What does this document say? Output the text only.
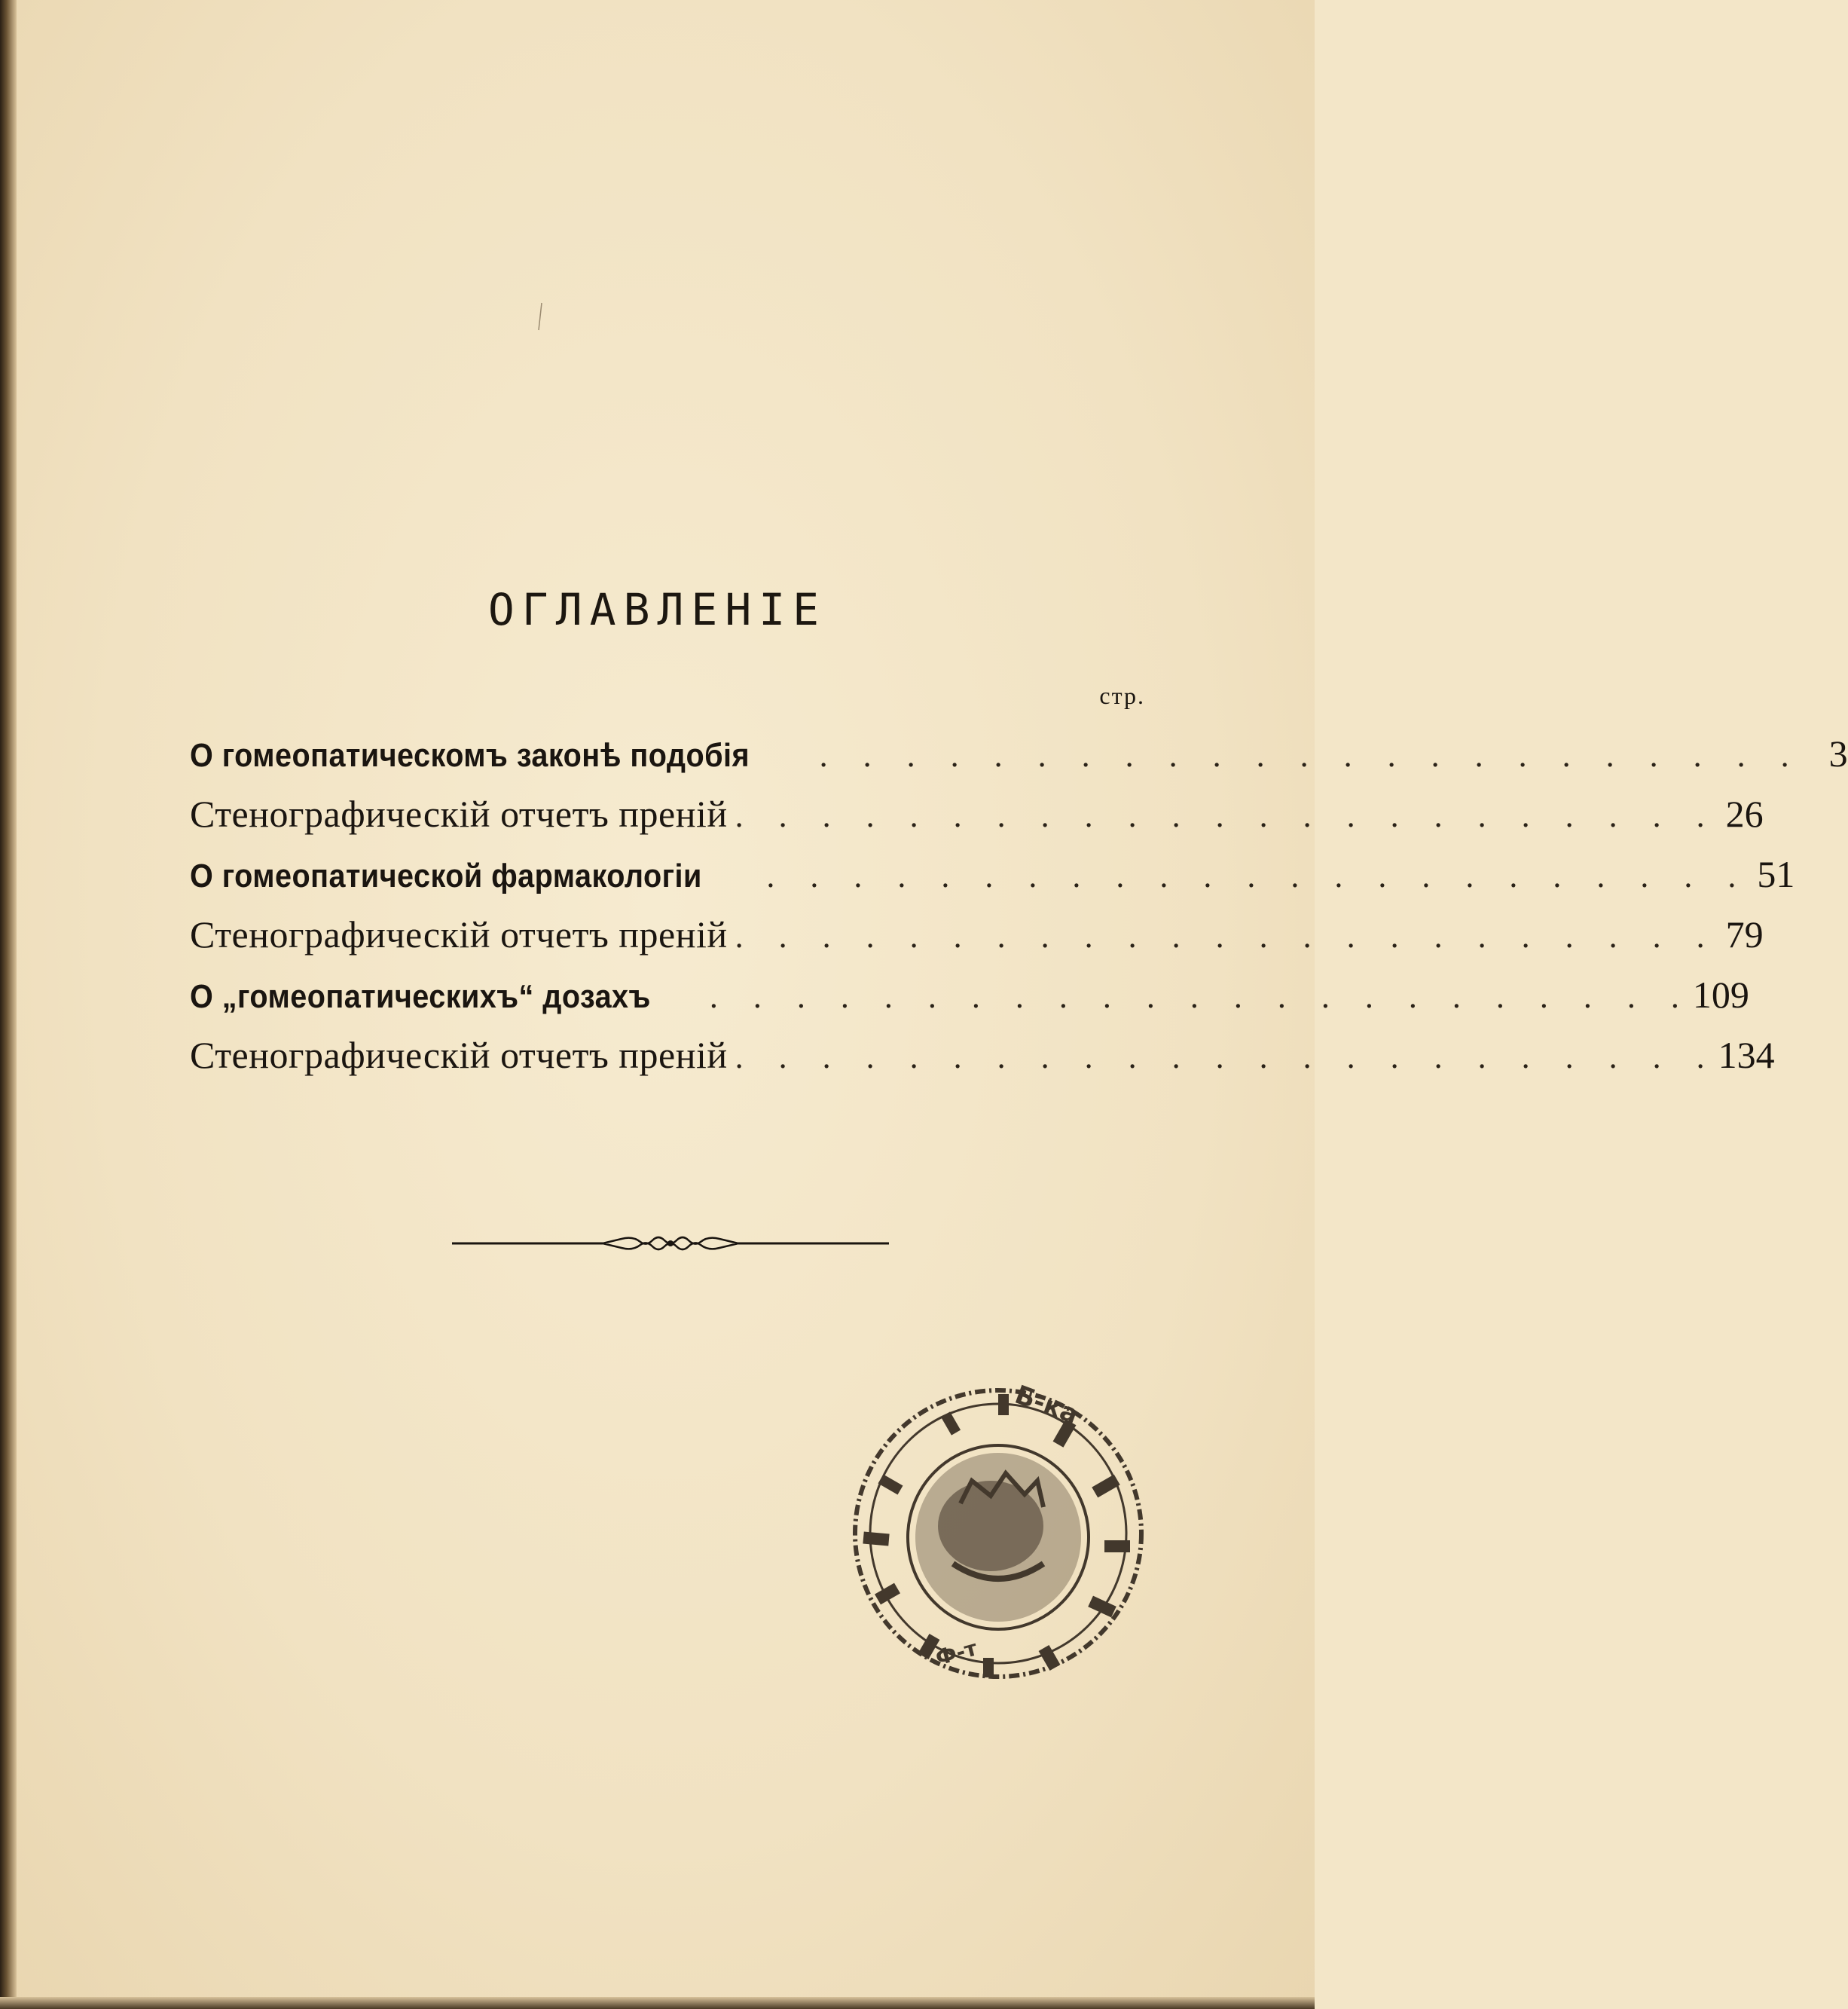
ОГЛАВЛЕНІЕ
стр.
О гомеопатическомъ законѣ подобія . . . . . . . . . . . . . . . . . . . . . . . 3
Стенографическій отчетъ преній . . . . . . . . . . . . . . . . . . . . . . . 26
О гомеопатической фармакологіи . . . . . . . . . . . . . . . . . . . . . . . 51
Стенографическій отчетъ преній . . . . . . . . . . . . . . . . . . . . . . . 79
О „гомеопатическихъ“ дозахъ . . . . . . . . . . . . . . . . . . . . . . . 109
Стенографическій отчетъ преній . . . . . . . . . . . . . . . . . . . . . . . 134
Б-ка
Ф-т
